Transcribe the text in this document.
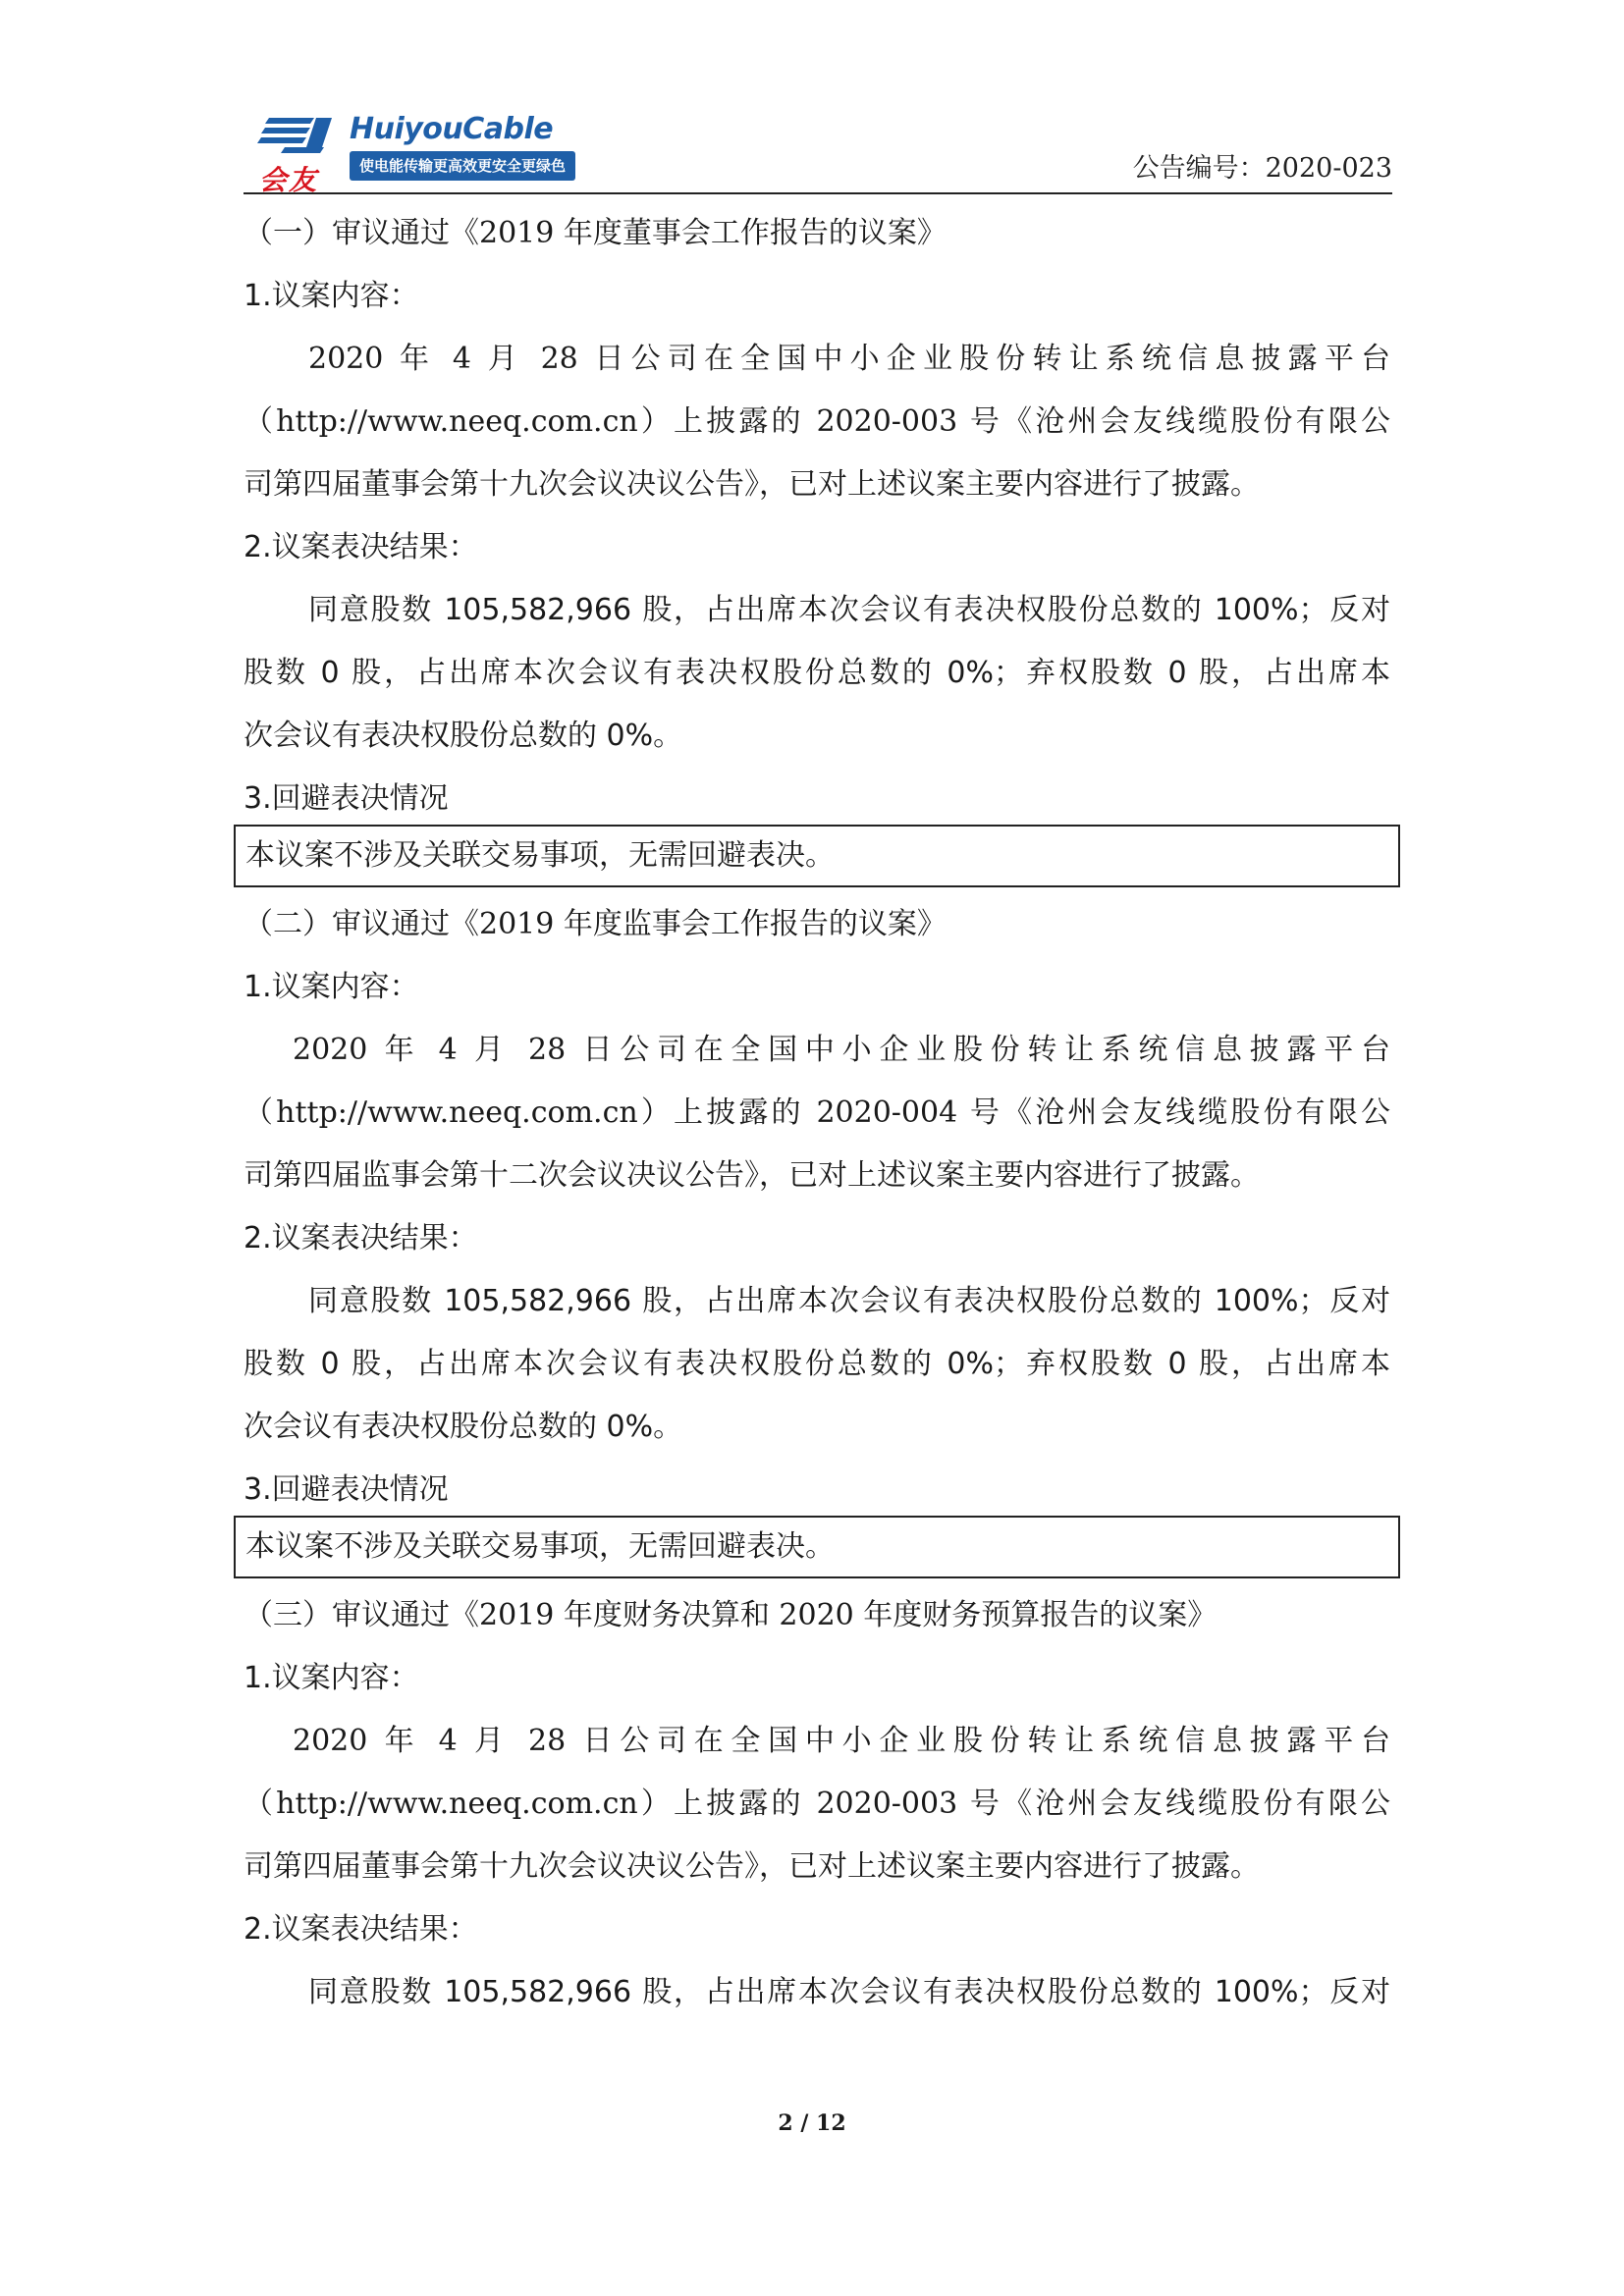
会友
HuiyouCable
使电能传输更高效更安全更绿色	公告编号：2020-023
（一）审议通过《2019 年度董事会工作报告的议案》
1.议案内容：
2020 年 4 月 28 日公司在全国中小企业股份转让系统信息披露平台
（http://www.neeq.com.cn）上披露的 2020-003 号《沧州会友线缆股份有限公
司第四届董事会第十九次会议决议公告》，已对上述议案主要内容进行了披露。
2.议案表决结果：
同意股数 105,582,966 股，占出席本次会议有表决权股份总数的 100%；反对
股数 0 股，占出席本次会议有表决权股份总数的 0%；弃权股数 0 股，占出席本
次会议有表决权股份总数的 0%。
3.回避表决情况
本议案不涉及关联交易事项，无需回避表决。
（二）审议通过《2019 年度监事会工作报告的议案》
1.议案内容：
2020 年 4 月 28 日公司在全国中小企业股份转让系统信息披露平台
（http://www.neeq.com.cn）上披露的 2020-004 号《沧州会友线缆股份有限公
司第四届监事会第十二次会议决议公告》，已对上述议案主要内容进行了披露。
2.议案表决结果：
同意股数 105,582,966 股，占出席本次会议有表决权股份总数的 100%；反对
股数 0 股，占出席本次会议有表决权股份总数的 0%；弃权股数 0 股，占出席本
次会议有表决权股份总数的 0%。
3.回避表决情况
本议案不涉及关联交易事项，无需回避表决。
（三）审议通过《2019 年度财务决算和 2020 年度财务预算报告的议案》
1.议案内容：
2020 年 4 月 28 日公司在全国中小企业股份转让系统信息披露平台
（http://www.neeq.com.cn）上披露的 2020-003 号《沧州会友线缆股份有限公
司第四届董事会第十九次会议决议公告》，已对上述议案主要内容进行了披露。
2.议案表决结果：
同意股数 105,582,966 股，占出席本次会议有表决权股份总数的 100%；反对
2 / 12
